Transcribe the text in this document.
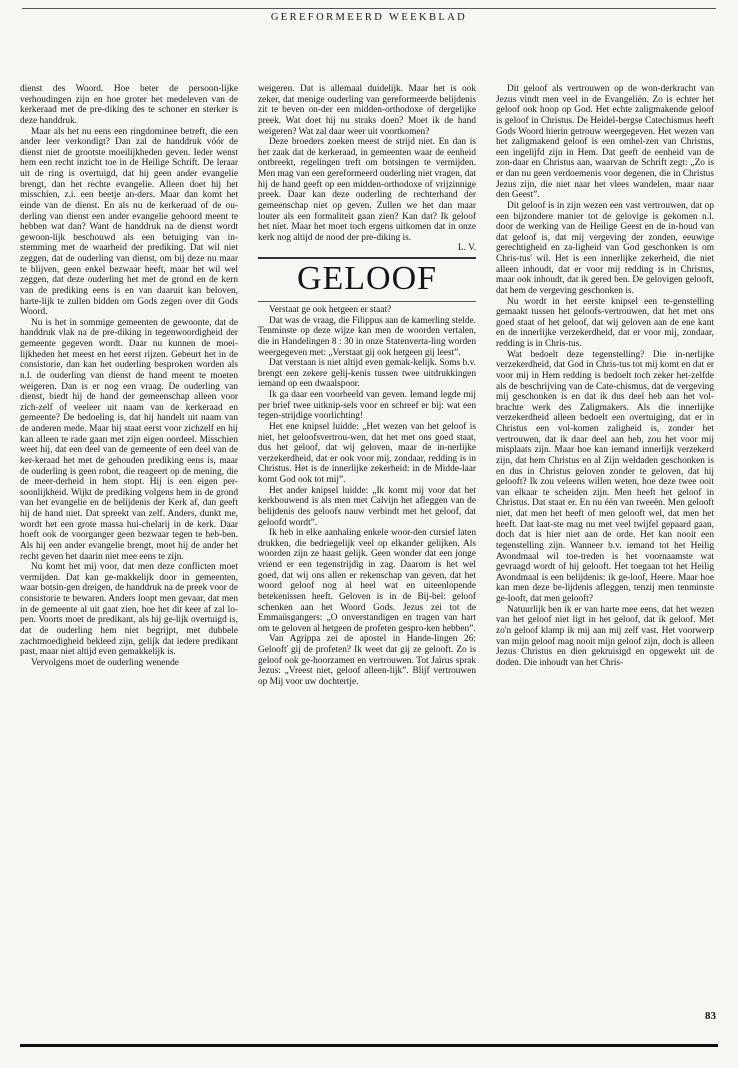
GEREFORMEERD WEEKBLAD

dienst des Woord. Hoe beter de persoon-lijke verhoudingen zijn en hoe groter het medeleven van de kerkeraad met de pre-diking des te schoner en sterker is deze handdruk.

Maar als het nu eens een ringdominee betreft, die een ander leer verkondigt? Dan zal de handdruk vóór de dienst niet de grootste moeilijkheden geven. Ieder wenst hem een recht inzicht toe in de Heilige Schrift. De leraar uit de ring is overtuigd, dat hij geen ander evangelie brengt, dan het rechte evangelie. Alleen doet hij het misschien, z.i. een beetje an-ders. Maar dan komt het einde van de dienst. En als nu de kerkeraad of de ou-derling van dienst een ander evangelie gehoord meent te hebben wat dan? Want de handdruk na de dienst wordt gewoon-lijk beschouwd als een betuiging van in-stemming met de waarheid der prediking. Dat wil niet zeggen, dat de ouderling van dienst, om bij deze nu maar te blijven, geen enkel bezwaar heeft, maar het wil wel zeggen, dat deze ouderling het met de grond en de kern van de prediking eens is en van daaruit kan beloven, harte-lijk te zullen bidden om Gods zegen over dit Gods Woord.

Nu is het in sommige gemeenten de gewoonte, dat de handdruk vlak na de pre-diking in tegenwoordigheid der gemeente gegeven wordt. Daar nu kunnen de moei-lijkheden het meest en het eerst rijzen. Gebeurt het in de consistorie, dan kan het ouderling besproken worden als n.l. de ouderling van dienst de hand meent te moeten weigeren. Dan is er nog een vraag. De ouderling van dienst, biedt hij de hand der gemeenschap alleen voor zich-zelf of veeleer uit naam van de kerkeraad en gemeente? De bedoeling is, dat hij handelt uit naam van de anderen mede. Maar hij staat eerst voor zichzelf en hij kan alleen te rade gaan met zijn eigen oordeel. Misschien weet hij, dat een deel van de gemeente of een deel van de ker-keraad het met de gehouden prediking eens is, maar de ouderling is geen robot, die reageert op de mening, die de meer-derheid in hem stopt. Hij is een eigen per-soonlijkheid. Wijkt de prediking volgens hem in de grond van het evangelie en de belijdenis der Kerk af, dan geeft hij de hand niet. Dat spreekt van zelf. Anders, dunkt me, wordt het een grote massa hui-chelarij in de kerk. Daar hoeft ook de voorganger geen bezwaar tegen te heb-ben. Als hij een ander evangelie brengt, moet hij de ander het recht geven het daarin niet mee eens te zijn.

Nu komt het mij voor, dat men deze conflicten moet vermijden. Dat kan ge-makkelijk door in gemeenten, waar botsin-gen dreigen, de handdruk na de preek voor de consistorie te bewaren. Anders loopt men gevaar, dat men in de gemeente al uit gaat zien, hoe het dit keer af zal lo-pen. Voorts moet de predikant, als hij ge-lijk overtuigd is, dat de ouderling hem niet begrijpt, met dubbele zachtmoedigheid bekleed zijn, gelijk dat iedere predikant past, maar niet altijd even gemakkelijk is.

Vervolgens moet de ouderling wenende

weigeren. Dat is allemaal duidelijk. Maar het is ook zeker, dat menige ouderling van gereformeerde belijdenis zit te beven on-der een midden-orthodoxe of dergelijke preek. Wat doet hij nu straks doen? Moet ik de hand weigeren? Wat zal daar weer uit voortkomen?

Deze broeders zoeken meest de strijd niet. En dan is het zaak dat de kerkeraad, in gemeenten waar de eenheid ontbreekt, regelingen treft om botsingen te vermijden. Men mag van een gereformeerd ouderling niet vragen, dat hij de hand geeft op een midden-orthodoxe of vrijzinnige preek. Daar kan deze ouderling de rechterhand der gemeenschap niet op geven. Zullen we het dan maar louter als een formaliteit gaan zien? Kan dat? Ik geloof het niet. Maar het moet toch ergens uitkomen dat in onze kerk nog altijd de nood der pre-diking is.

L. V.

GELOOF

Verstaat ge ook hetgeen er staat?

Dat was de vraag, die Filippus aan de kamerling stelde. Tenminste op deze wijze kan men de woorden vertalen, die in Handelingen 8 : 30 in onze Statenverta-ling worden weergegeven met: „Verstaat gij ook hetgeen gij leest”.

Dat verstaan is niet altijd even gemak-kelijk. Soms b.v. brengt een zekere gelij-kenis tussen twee uitdrukkingen iemand op een dwaalspoor.

Ik ga daar een voorbeeld van geven. Iemand legde mij per brief twee uitknip-sels voor en schreef er bij: wat een tegen-strijdige voorlichting!

Het ene knipsel luidde: „Het wezen van het geloof is niet, het geloofsvertrou-wen, dat het met ons goed staat, dus het geloof, dat wij geloven, maar de in-nerlijke verzekerdheid, dat er ook voor mij, zondaar, redding is in Christus. Het is de innerlijke zekerheid: in de Midde-laar komt God ook tot mij”.

Het ander knipsel luidde: „Ik komt mij voor dat het kerkbouwend is als men met Calvijn het afleggen van de belijdenis des geloofs nauw verbindt met het geloof, dat geloofd wordt”.

Ik heb in elke aanhaling enkele woor-den cursief laten drukken, die bedriegelijk veel op elkander gelijken. Als woorden zijn ze haast gelijk. Geen wonder dat een jonge vriend er een tegenstrijdig in zag. Daarom is het wel goed, dat wij ons allen er rekenschap van geven, dat het woord geloof nog al heel wat en uiteenlopende betekenissen heeft. Geloven is in de Bij-bel: geloof schenken aan het Woord Gods. Jezus zei tot de Emmaüsgangers: „O onverstandigen en tragen van hart om te geloven al hetgeen de profeten gespro-ken hebben”.

Van Agrippa zei de apostel in Hande-lingen 26: Geloofť gij de profeten? Ik weet dat gij ze gelooft. Zo is geloof ook ge-hoorzamen en vertrouwen. Tot Jaïrus sprak Jezus: „Vreest niet, geloof alleen-lijk”. Blijf vertrouwen op Mij voor uw dochtertje.

Dit geloof als vertrouwen op de won-derkracht van Jezus vindt men veel in de Evangeliën. Zo is echter het geloof ook hoop op God. Het echte zaligmakende geloof is geloof in Christus. De Heidel-bergse Catechismus heeft Gods Woord hierin getrouw weergegeven. Het wezen van het zaligmakend geloof is een omhel-zen van Christus, een ingelijfd zijn in Hem. Dat geeft de eenheid van de zon-daar en Christus aan, waarvan de Schrift zegt: „Zo is er dan nu geen verdoemenis voor degenen, die in Christus Jezus zijn, die niet naar het vlees wandelen, maar naar den Geest”.

Dit geloof is in zijn wezen een vast vertrouwen, dat op een bijzondere manier tot de gelovige is gekomen n.l. door de werking van de Heilige Geest en de in-houd van dat geloof is, dat mij vergeving der zonden, eeuwige gerechtigheid en za-ligheid van God geschonken is om Chris-tus' wil. Het is een innerlijke zekerheid, die niet alleen inhoudt, dat er voor mij redding is in Christus, maar ook inhoudt, dat ik gered ben. De gelovigen gelooft, dat hem de vergeving geschonken is.

Nu wordt in het eerste knipsel een te-genstelling gemaakt tussen het geloofs-vertrouwen, dat het met ons goed staat of het geloof, dat wij geloven aan de ene kant en de innerlijke verzekerdheid, dat er voor mij, zondaar, redding is in Chris-tus.

Wat bedoelt deze tegenstelling? Die in-nerlijke verzekerdheid, dat God in Chris-tus tot mij komt en dat er voor mij in Hem redding is bedoelt toch zeker het-zelfde als de beschrijving van de Cate-chismus, dat de vergeving mij geschonken is en dat ik dus deel heb aan het vol-brachte werk des Zaligmakers. Als die innerlijke verzekerdheid alleen bedoelt een overtuiging, dat er in Christus een vol-komen zaligheid is, zonder het vertrouwen, dat ik daar deel aan heb, zou het voor mij misplaats zijn. Maar hoe kan iemand innerlijk verzekerd zijn, dat hem Christus en al Zijn weldaden geschonken is en dus in Christus geloven zonder te geloven, dat hij gelooft? Ik zou veleens willen weten, hoe deze twee ooit van elkaar te scheiden zijn. Men heeft het geloof in Christus. Dat staat er. En nu één van tweeën. Men gelooft niet, dat men het heeft of men gelooft wel, dat men het heeft. Dat laat-ste mag nu met veel twijfel gepaard gaan, doch dat is hier niet aan de orde. Het kan nooit een tegenstelling zijn. Wanneer b.v. iemand tot het Heilig Avondmaal wil toe-treden is het voornaamste wat gevraagd wordt of hij gelooft. Het toegaan tot het Heilig Avondmaal is een belijdenis: ik ge-loof, Heere. Maar hoe kan men deze be-lijdenis afleggen, tenzij men tenminste ge-looft, dat men gelooft?

Natuurlijk ben ik er van harte mee eens, dat het wezen van het geloof niet ligt in het geloof, dat ik geloof. Met zo'n geloof klamp ik mij aan mij zelf vast. Het voorwerp van mijn geloof mag nooit mijn geloof zijn, doch is alleen Jezus Christus en dien gekruisigd en opgewekt uit de doden. Die inhoudt van het Chris-

83
